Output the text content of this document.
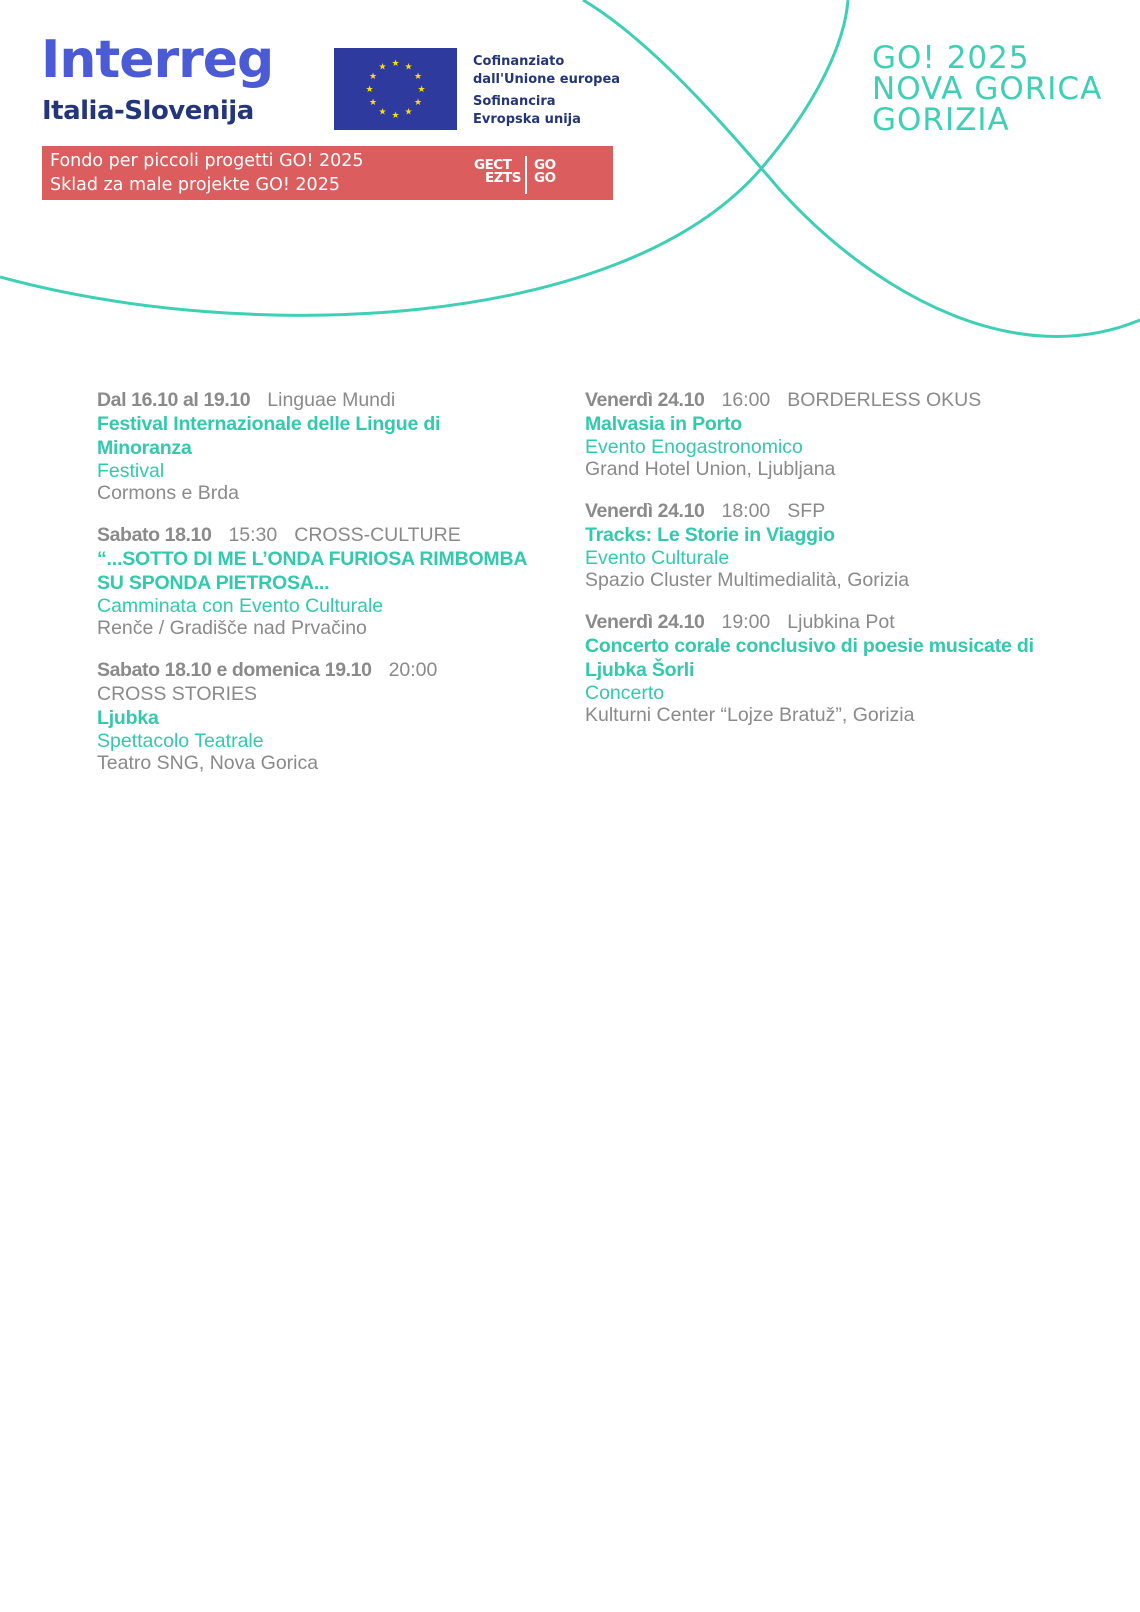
Interreg
Italia-Slovenija
★ ★
★
★
★
★
★
★
★
★
★
★	Cofinanziato
dall'Unione europea
Sofinancira
Evropska unija
Fondo per piccoli progetti GO! 2025
Sklad za male projekte GO! 2025
GECT
EZTS
GO
GO
GO! 2025
NOVA GORICA
GORIZIA
Dal 16.10 al 19.10 Linguae Mundi
Festival Internazionale delle Lingue di Minoranza
Festival
Cormons e Brda
Sabato 18.10 15:30 CROSS-CULTURE
“...SOTTO DI ME L’ONDA FURIOSA RIMBOMBA SU SPONDA PIETROSA...
Camminata con Evento Culturale
Renče / Gradišče nad Prvačino
Sabato 18.10 e domenica 19.10 20:00
CROSS STORIES
Ljubka
Spettacolo Teatrale
Teatro SNG, Nova Gorica
Venerdì 24.10 16:00 BORDERLESS OKUS
Malvasia in Porto
Evento Enogastronomico
Grand Hotel Union, Ljubljana
Venerdì 24.10 18:00 SFP
Tracks: Le Storie in Viaggio
Evento Culturale
Spazio Cluster Multimedialità, Gorizia
Venerdì 24.10 19:00 Ljubkina Pot
Concerto corale conclusivo di poesie musicate di Ljubka Šorli
Concerto
Kulturni Center “Lojze Bratuž”, Gorizia
